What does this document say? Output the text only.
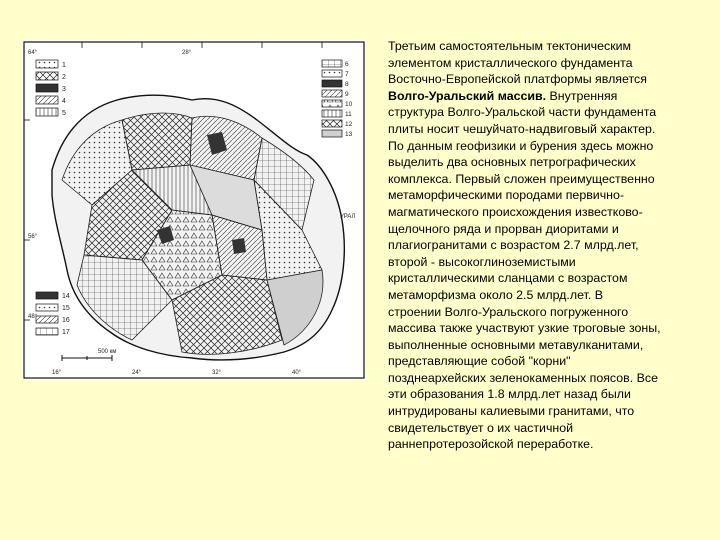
1
2
3
4
5
6
7
8
9
10
11
12
13
14
15
16
17
500 км
УРАЛ
64°
56°
48°
16°	24°	32°	40°
28°	Третьим самостоятельным тектоническим
элементом кристаллического фундамента
Восточно-Европейской платформы является
Волго-Уральский массив. Внутренняя
структура Волго-Уральской части фундамента
плиты носит чешуйчато-надвиговый характер.
По данным геофизики и бурения здесь можно
выделить два основных петрографических
комплекса. Первый сложен преимущественно
метаморфическими породами первично-
магматического происхождения известково-
щелочного ряда и прорван диоритами и
плагиогранитами с возрастом 2.7 млрд.лет,
второй - высокоглиноземистыми
кристаллическими сланцами с возрастом
метаморфизма около 2.5 млрд.лет. В
строении Волго-Уральского погруженного
массива также участвуют узкие троговые зоны,
выполненные основными метавулканитами,
представляющие собой "корни"
позднеархейских зеленокаменных поясов. Все
эти образования 1.8 млрд.лет назад были
интрудированы калиевыми гранитами, что
свидетельствует о их частичной
раннепротерозойской переработке.
